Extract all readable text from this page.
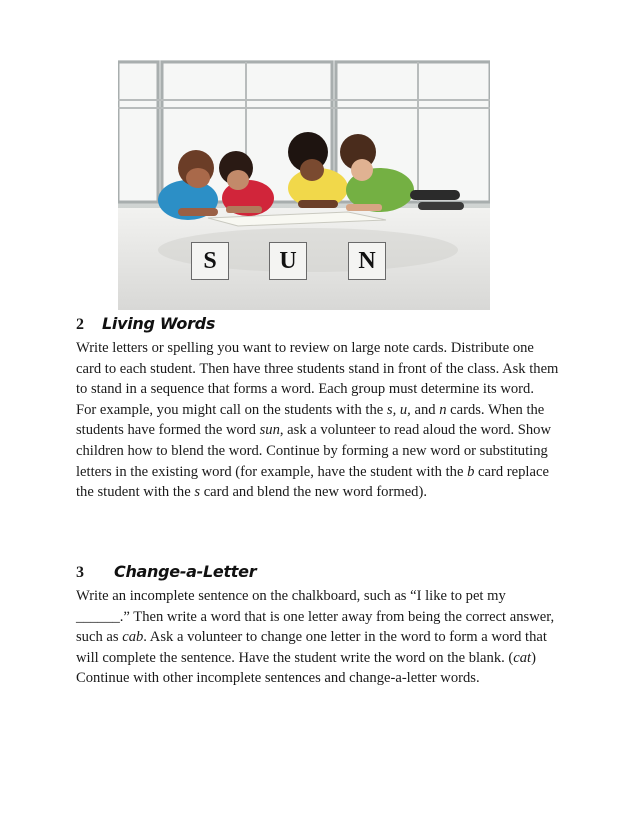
S	U	N
2	Living Words

Write letters or spelling you want to review on large note cards. Distribute one
card to each student. Then have three students stand in front of the class. Ask them
to stand in a sequence that forms a word. Each group must determine its word.
For example, you might call on the students with the s, u, and n cards. When the
students have formed the word sun, ask a volunteer to read aloud the word. Show
children how to blend the word. Continue by forming a new word or substituting
letters in the existing word (for example, have the student with the b card replace
the student with the s card and blend the new word formed).

3	Change-a-Letter

Write an incomplete sentence on the chalkboard, such as “I like to pet my
______.” Then write a word that is one letter away from being the correct answer,
such as cab. Ask a volunteer to change one letter in the word to form a word that
will complete the sentence. Have the student write the word on the blank. (cat)
Continue with other incomplete sentences and change-a-letter words.
